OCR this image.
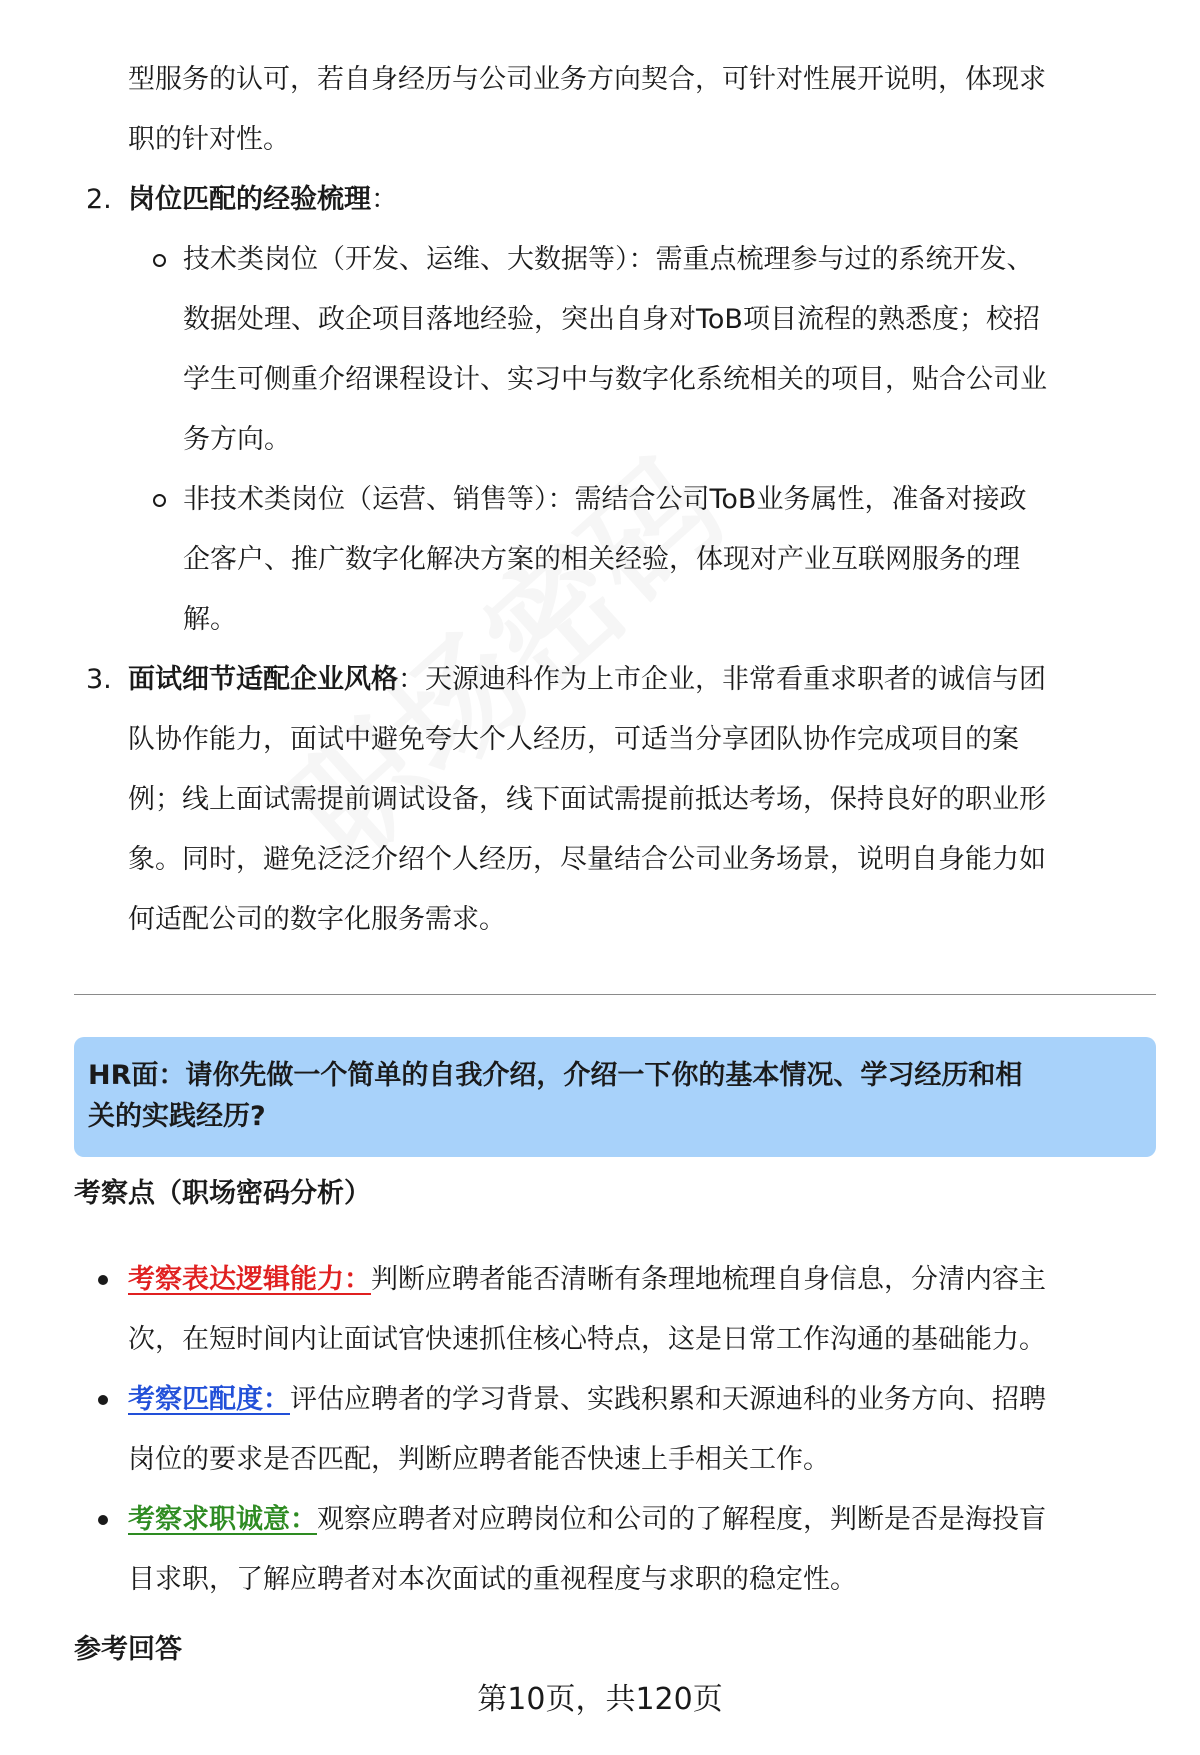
型服务的认可，若自身经历与公司业务方向契合，可针对性展开说明，体现求
职的针对性。
2. 岗位匹配的经验梳理：
技术类岗位（开发、运维、大数据等）：需重点梳理参与过的系统开发、
数据处理、政企项目落地经验，突出自身对ToB项目流程的熟悉度；校招
学生可侧重介绍课程设计、实习中与数字化系统相关的项目，贴合公司业
务方向。
非技术类岗位（运营、销售等）：需结合公司ToB业务属性，准备对接政
企客户、推广数字化解决方案的相关经验，体现对产业互联网服务的理
解。
3. 面试细节适配企业风格：天源迪科作为上市企业，非常看重求职者的诚信与团
队协作能力，面试中避免夸大个人经历，可适当分享团队协作完成项目的案
例；线上面试需提前调试设备，线下面试需提前抵达考场，保持良好的职业形
象。同时，避免泛泛介绍个人经历，尽量结合公司业务场景，说明自身能力如
何适配公司的数字化服务需求。
HR面：请你先做一个简单的自我介绍，介绍一下你的基本情况、学习经历和相
关的实践经历?
考察点（职场密码分析）
考察表达逻辑能力：判断应聘者能否清晰有条理地梳理自身信息，分清内容主
次，在短时间内让面试官快速抓住核心特点，这是日常工作沟通的基础能力。
考察匹配度：评估应聘者的学习背景、实践积累和天源迪科的业务方向、招聘
岗位的要求是否匹配，判断应聘者能否快速上手相关工作。
考察求职诚意：观察应聘者对应聘岗位和公司的了解程度，判断是否是海投盲
目求职，了解应聘者对本次面试的重视程度与求职的稳定性。
参考回答
第10页，共120页
